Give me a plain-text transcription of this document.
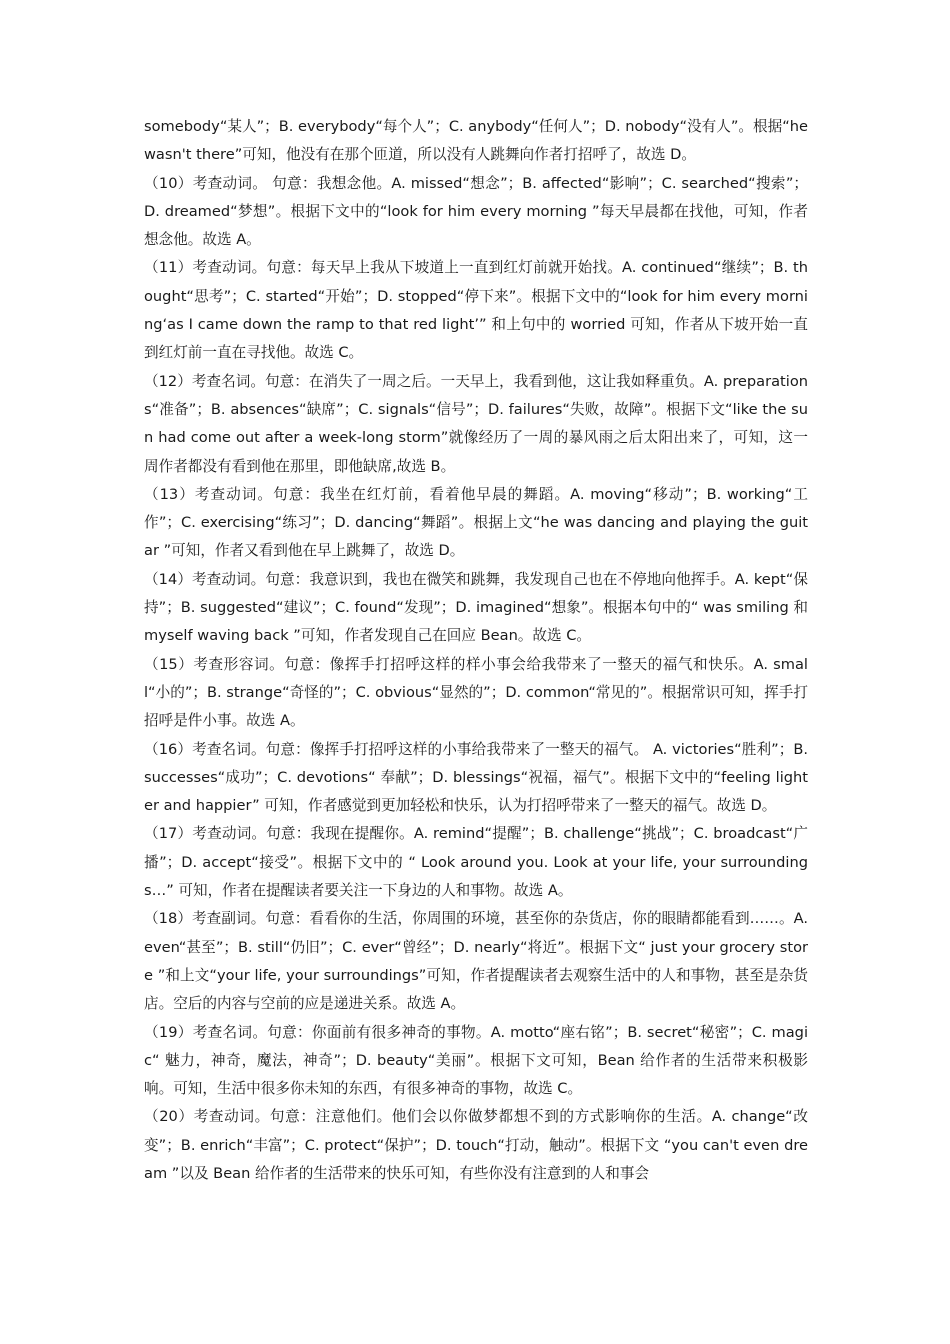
somebody“某人”；B. everybody“每个人”；C. anybody“任何人”；D. nobody“没有人”。根据“he wasn't there”可知，他没有在那个匝道，所以没有人跳舞向作者打招呼了，故选 D。

（10）考查动词。 句意：我想念他。A. missed“想念”；B. affected“影响”；C. searched“搜索”；D. dreamed“梦想”。根据下文中的“look for him every morning ”每天早晨都在找他，可知，作者想念他。故选 A。

（11）考查动词。句意：每天早上我从下坡道上一直到红灯前就开始找。A. continued“继续”；B. thought“思考”；C. started“开始”；D. stopped“停下来”。根据下文中的“look for him every morning‘as I came down the ramp to that red light’” 和上句中的 worried 可知，作者从下坡开始一直到红灯前一直在寻找他。故选 C。

（12）考查名词。句意：在消失了一周之后。一天早上，我看到他，这让我如释重负。A. preparations“准备”；B. absences“缺席”；C. signals“信号”；D. failures“失败，故障”。根据下文“like the sun had come out after a week-long storm”就像经历了一周的暴风雨之后太阳出来了，可知，这一周作者都没有看到他在那里，即他缺席,故选 B。

（13）考查动词。句意：我坐在红灯前，看着他早晨的舞蹈。A. moving“移动”；B. working“工作”；C. exercising“练习”；D. dancing“舞蹈”。根据上文“he was dancing and playing the guitar ”可知，作者又看到他在早上跳舞了，故选 D。

（14）考查动词。句意：我意识到，我也在微笑和跳舞，我发现自己也在不停地向他挥手。A. kept“保持”；B. suggested“建议”；C. found“发现”；D. imagined“想象”。根据本句中的“ was smiling 和 myself waving back ”可知，作者发现自己在回应 Bean。故选 C。

（15）考查形容词。句意：像挥手打招呼这样的样小事会给我带来了一整天的福气和快乐。A. small“小的”；B. strange“奇怪的”；C. obvious“显然的”；D. common“常见的”。根据常识可知，挥手打招呼是件小事。故选 A。

（16）考查名词。句意：像挥手打招呼这样的小事给我带来了一整天的福气。 A. victories“胜利”；B. successes“成功”；C. devotions“ 奉献”；D. blessings“祝福，福气”。根据下文中的“feeling lighter and happier” 可知，作者感觉到更加轻松和快乐，认为打招呼带来了一整天的福气。故选 D。

（17）考查动词。句意：我现在提醒你。A. remind“提醒”；B. challenge“挑战”；C. broadcast“广播”；D. accept“接受”。根据下文中的 “ Look around you. Look at your life, your surroundings…” 可知，作者在提醒读者要关注一下身边的人和事物。故选 A。

（18）考查副词。句意：看看你的生活，你周围的环境，甚至你的杂货店，你的眼睛都能看到……。A. even“甚至”；B. still“仍旧”；C. ever“曾经”；D. nearly“将近”。根据下文“ just your grocery store ”和上文“your life, your surroundings”可知，作者提醒读者去观察生活中的人和事物，甚至是杂货店。空后的内容与空前的应是递进关系。故选 A。

（19）考查名词。句意：你面前有很多神奇的事物。A. motto“座右铭”；B. secret“秘密”；C. magic“ 魅力，神奇，魔法，神奇”；D. beauty“美丽”。根据下文可知，Bean 给作者的生活带来积极影响。可知，生活中很多你未知的东西，有很多神奇的事物，故选 C。

（20）考查动词。句意：注意他们。他们会以你做梦都想不到的方式影响你的生活。A. change“改变”；B. enrich“丰富”；C. protect“保护”；D. touch“打动，触动”。根据下文 “you can't even dream ”以及 Bean 给作者的生活带来的快乐可知，有些你没有注意到的人和事会
